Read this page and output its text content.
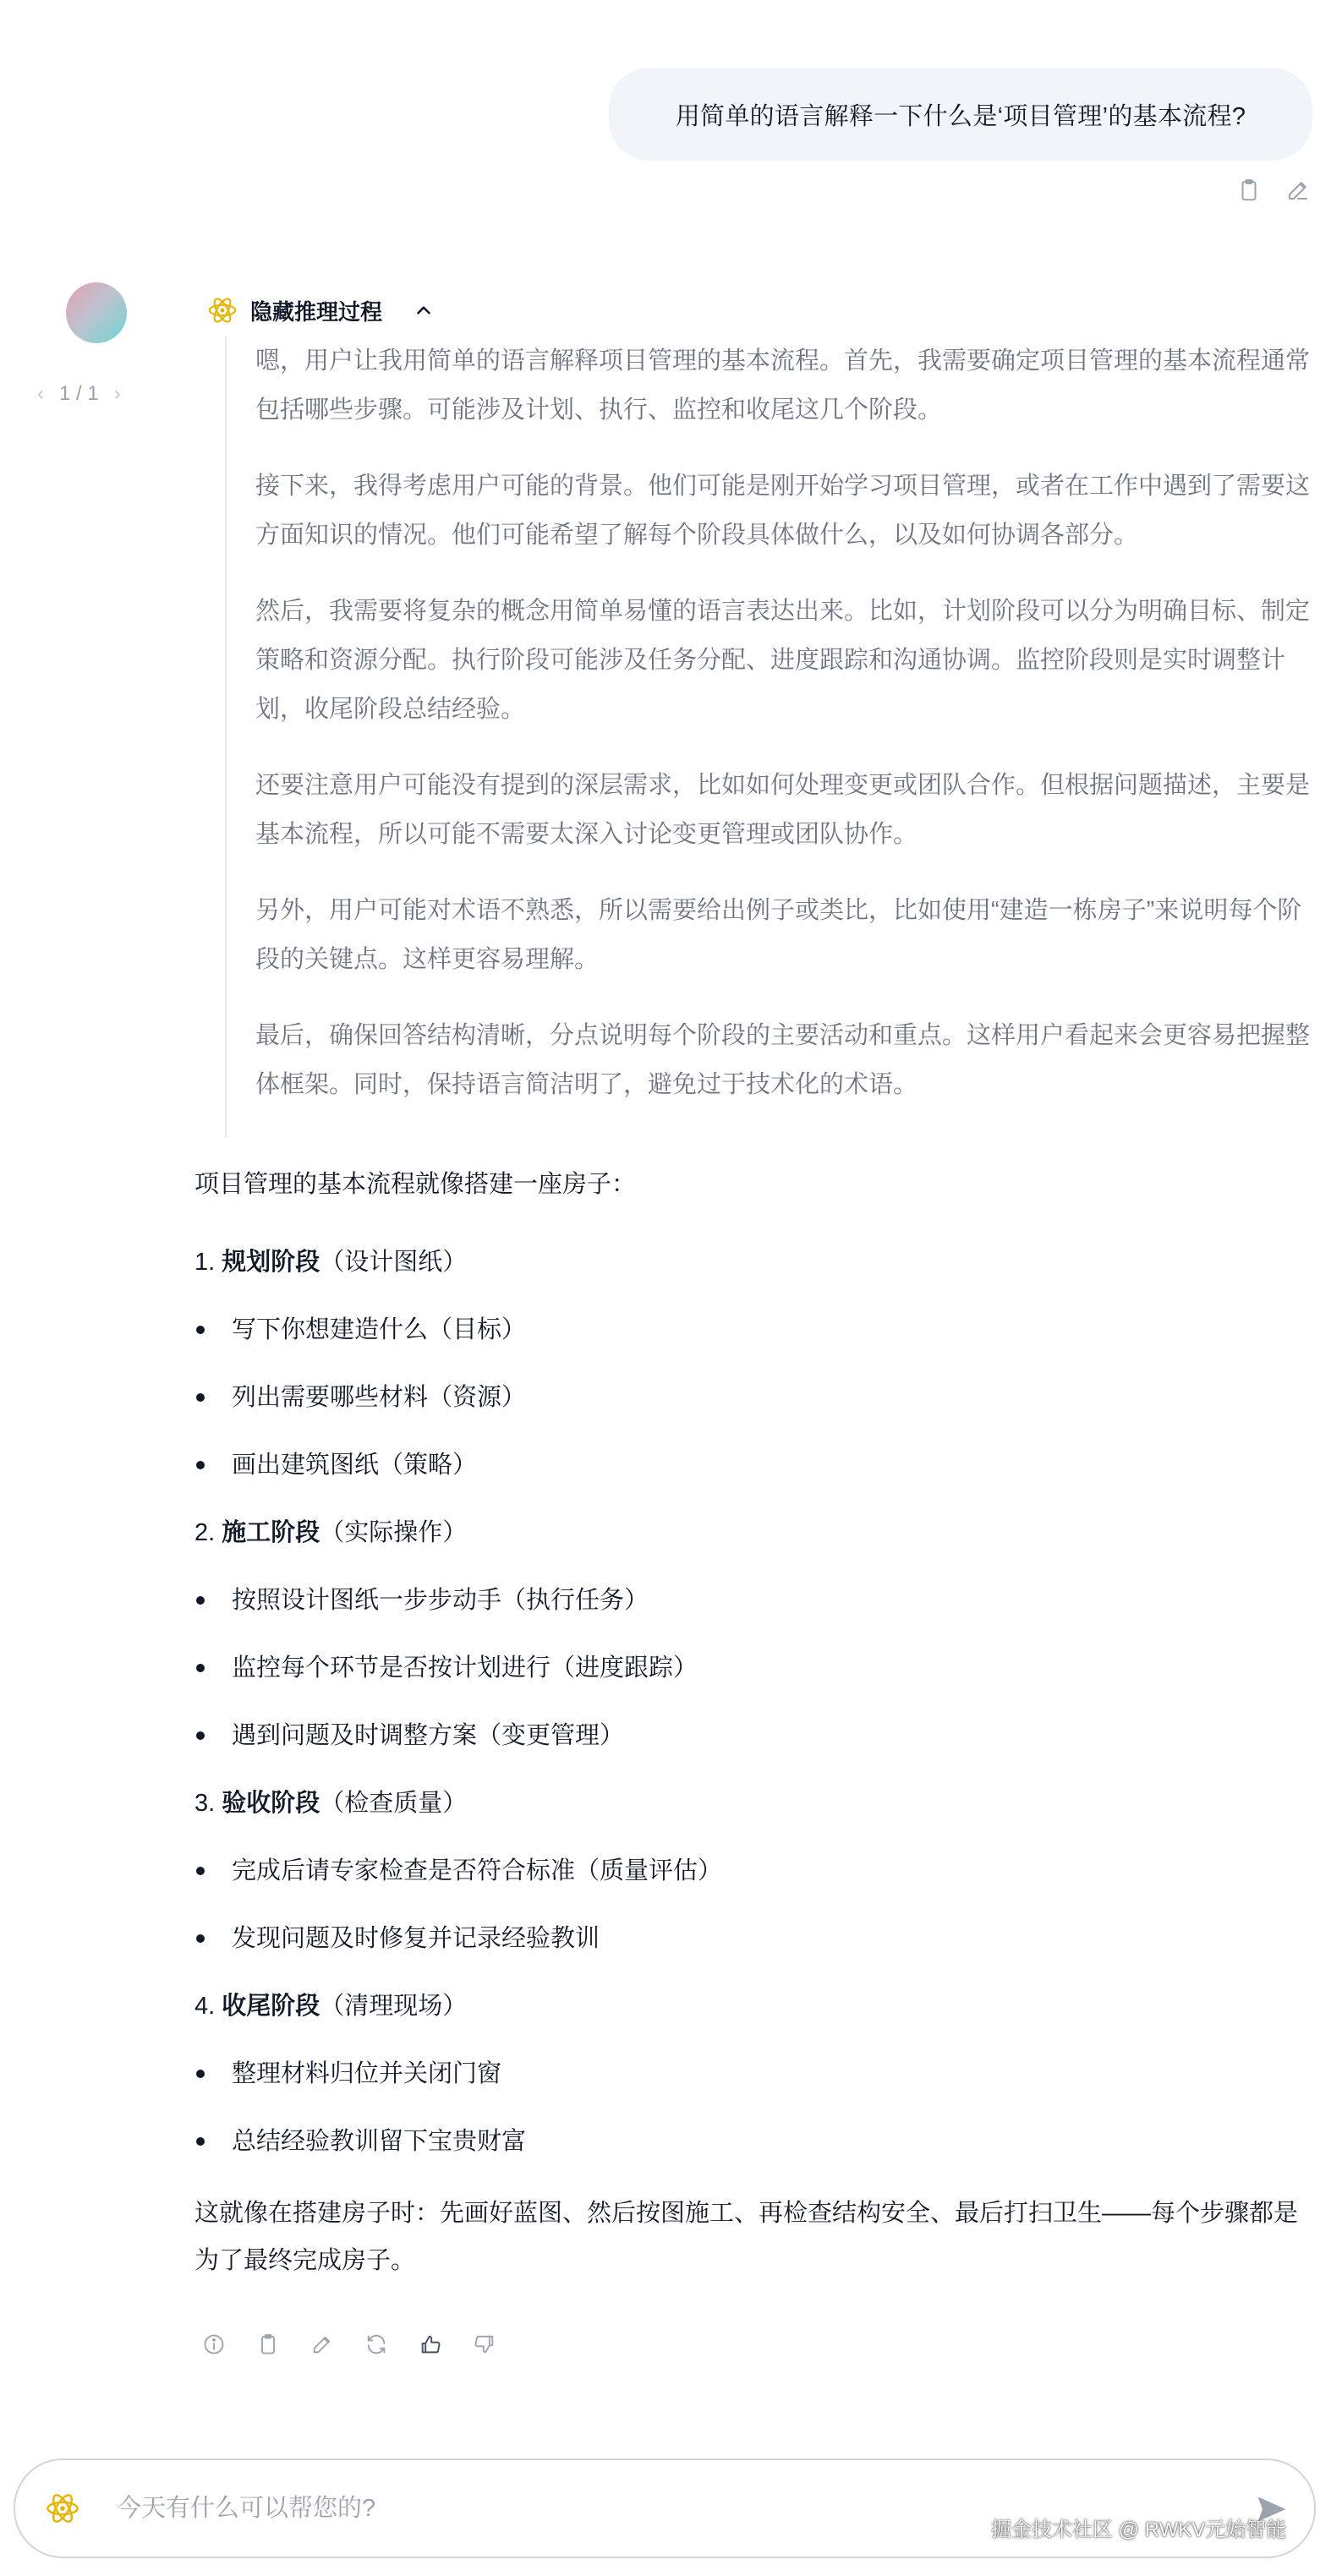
用简单的语言解释一下什么是‘项目管理’的基本流程?
‹ 1 / 1 ›
隐藏推理过程

嗯，用户让我用简单的语言解释项目管理的基本流程。首先，我需要确定项目管理的基本流程通常包括哪些步骤。可能涉及计划、执行、监控和收尾这几个阶段。

接下来，我得考虑用户可能的背景。他们可能是刚开始学习项目管理，或者在工作中遇到了需要这方面知识的情况。他们可能希望了解每个阶段具体做什么，以及如何协调各部分。

然后，我需要将复杂的概念用简单易懂的语言表达出来。比如，计划阶段可以分为明确目标、制定策略和资源分配。执行阶段可能涉及任务分配、进度跟踪和沟通协调。监控阶段则是实时调整计划，收尾阶段总结经验。

还要注意用户可能没有提到的深层需求，比如如何处理变更或团队合作。但根据问题描述，主要是基本流程，所以可能不需要太深入讨论变更管理或团队协作。

另外，用户可能对术语不熟悉，所以需要给出例子或类比，比如使用“建造一栋房子”来说明每个阶段的关键点。这样更容易理解。

最后，确保回答结构清晰，分点说明每个阶段的主要活动和重点。这样用户看起来会更容易把握整体框架。同时，保持语言简洁明了，避免过于技术化的术语。

项目管理的基本流程就像搭建一座房子：
1. 规划阶段（设计图纸）
写下你想建造什么（目标）
列出需要哪些材料（资源）
画出建筑图纸（策略）
2. 施工阶段（实际操作）
按照设计图纸一步步动手（执行任务）
监控每个环节是否按计划进行（进度跟踪）
遇到问题及时调整方案（变更管理）
3. 验收阶段（检查质量）
完成后请专家检查是否符合标准（质量评估）
发现问题及时修复并记录经验教训
4. 收尾阶段（清理现场）
整理材料归位并关闭门窗
总结经验教训留下宝贵财富
这就像在搭建房子时：先画好蓝图、然后按图施工、再检查结构安全、最后打扫卫生——每个步骤都是为了最终完成房子。
今天有什么可以帮您的?
掘金技术社区 @ RWKV元始智能
